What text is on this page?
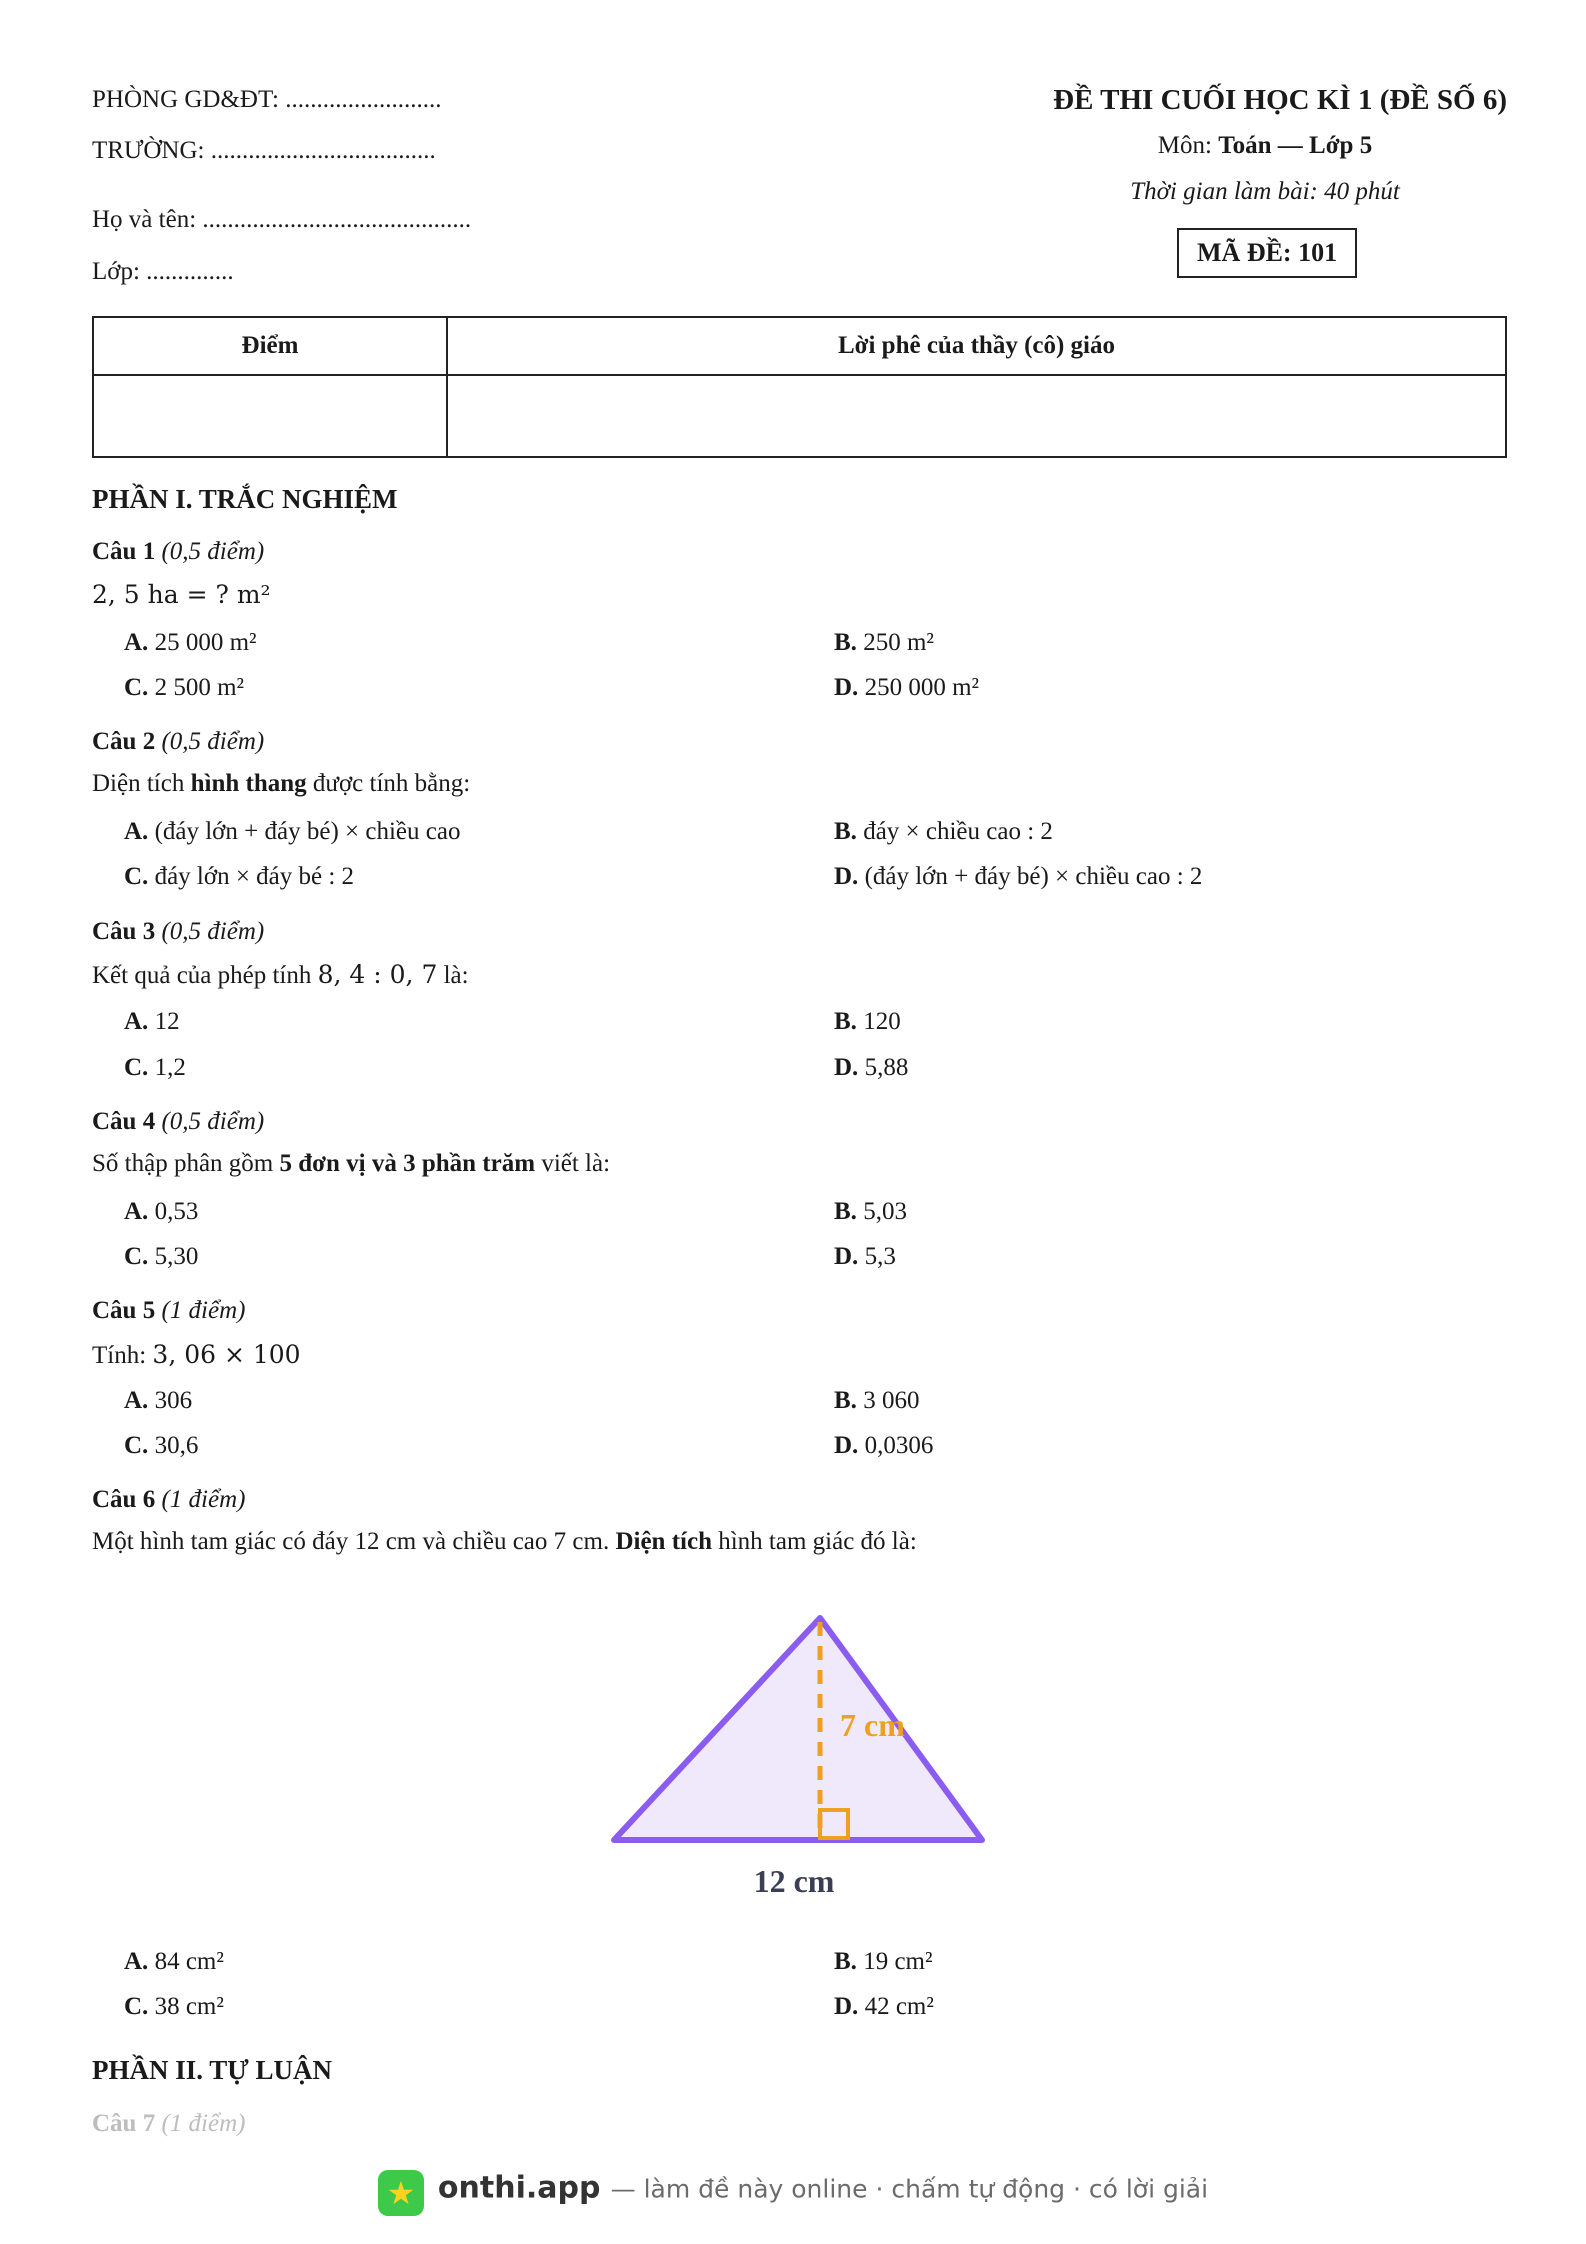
PHÒNG GD&ĐT: .........................
TRƯỜNG: ....................................
Họ và tên: ...........................................
Lớp: ..............
ĐỀ THI CUỐI HỌC KÌ 1 (ĐỀ SỐ 6)
Môn: Toán — Lớp 5
Thời gian làm bài: 40 phút
MÃ ĐỀ: 101
Điểm	Lời phê của thầy (cô) giáo

PHẦN I. TRẮC NGHIỆM
Câu 1 (0,5 điểm)
2, 5 ha = ? m²
A. 25 000 m²	B. 250 m²
C. 2 500 m²	D. 250 000 m²
Câu 2 (0,5 điểm)
Diện tích hình thang được tính bằng:
A. (đáy lớn + đáy bé) × chiều cao	B. đáy × chiều cao : 2
C. đáy lớn × đáy bé : 2	D. (đáy lớn + đáy bé) × chiều cao : 2
Câu 3 (0,5 điểm)
Kết quả của phép tính 8, 4 : 0, 7 là:
A. 12	B. 120
C. 1,2	D. 5,88
Câu 4 (0,5 điểm)
Số thập phân gồm 5 đơn vị và 3 phần trăm viết là:
A. 0,53	B. 5,03
C. 5,30	D. 5,3
Câu 5 (1 điểm)
Tính: 3, 06 × 100
A. 306	B. 3 060
C. 30,6	D. 0,0306
Câu 6 (1 điểm)
Một hình tam giác có đáy 12 cm và chiều cao 7 cm. Diện tích hình tam giác đó là:
7 cm
12 cm
A. 84 cm²	B. 19 cm²
C. 38 cm²	D. 42 cm²
PHẦN II. TỰ LUẬN
Câu 7 (1 điểm)
★ onthi.app — làm đề này online · chấm tự động · có lời giải
